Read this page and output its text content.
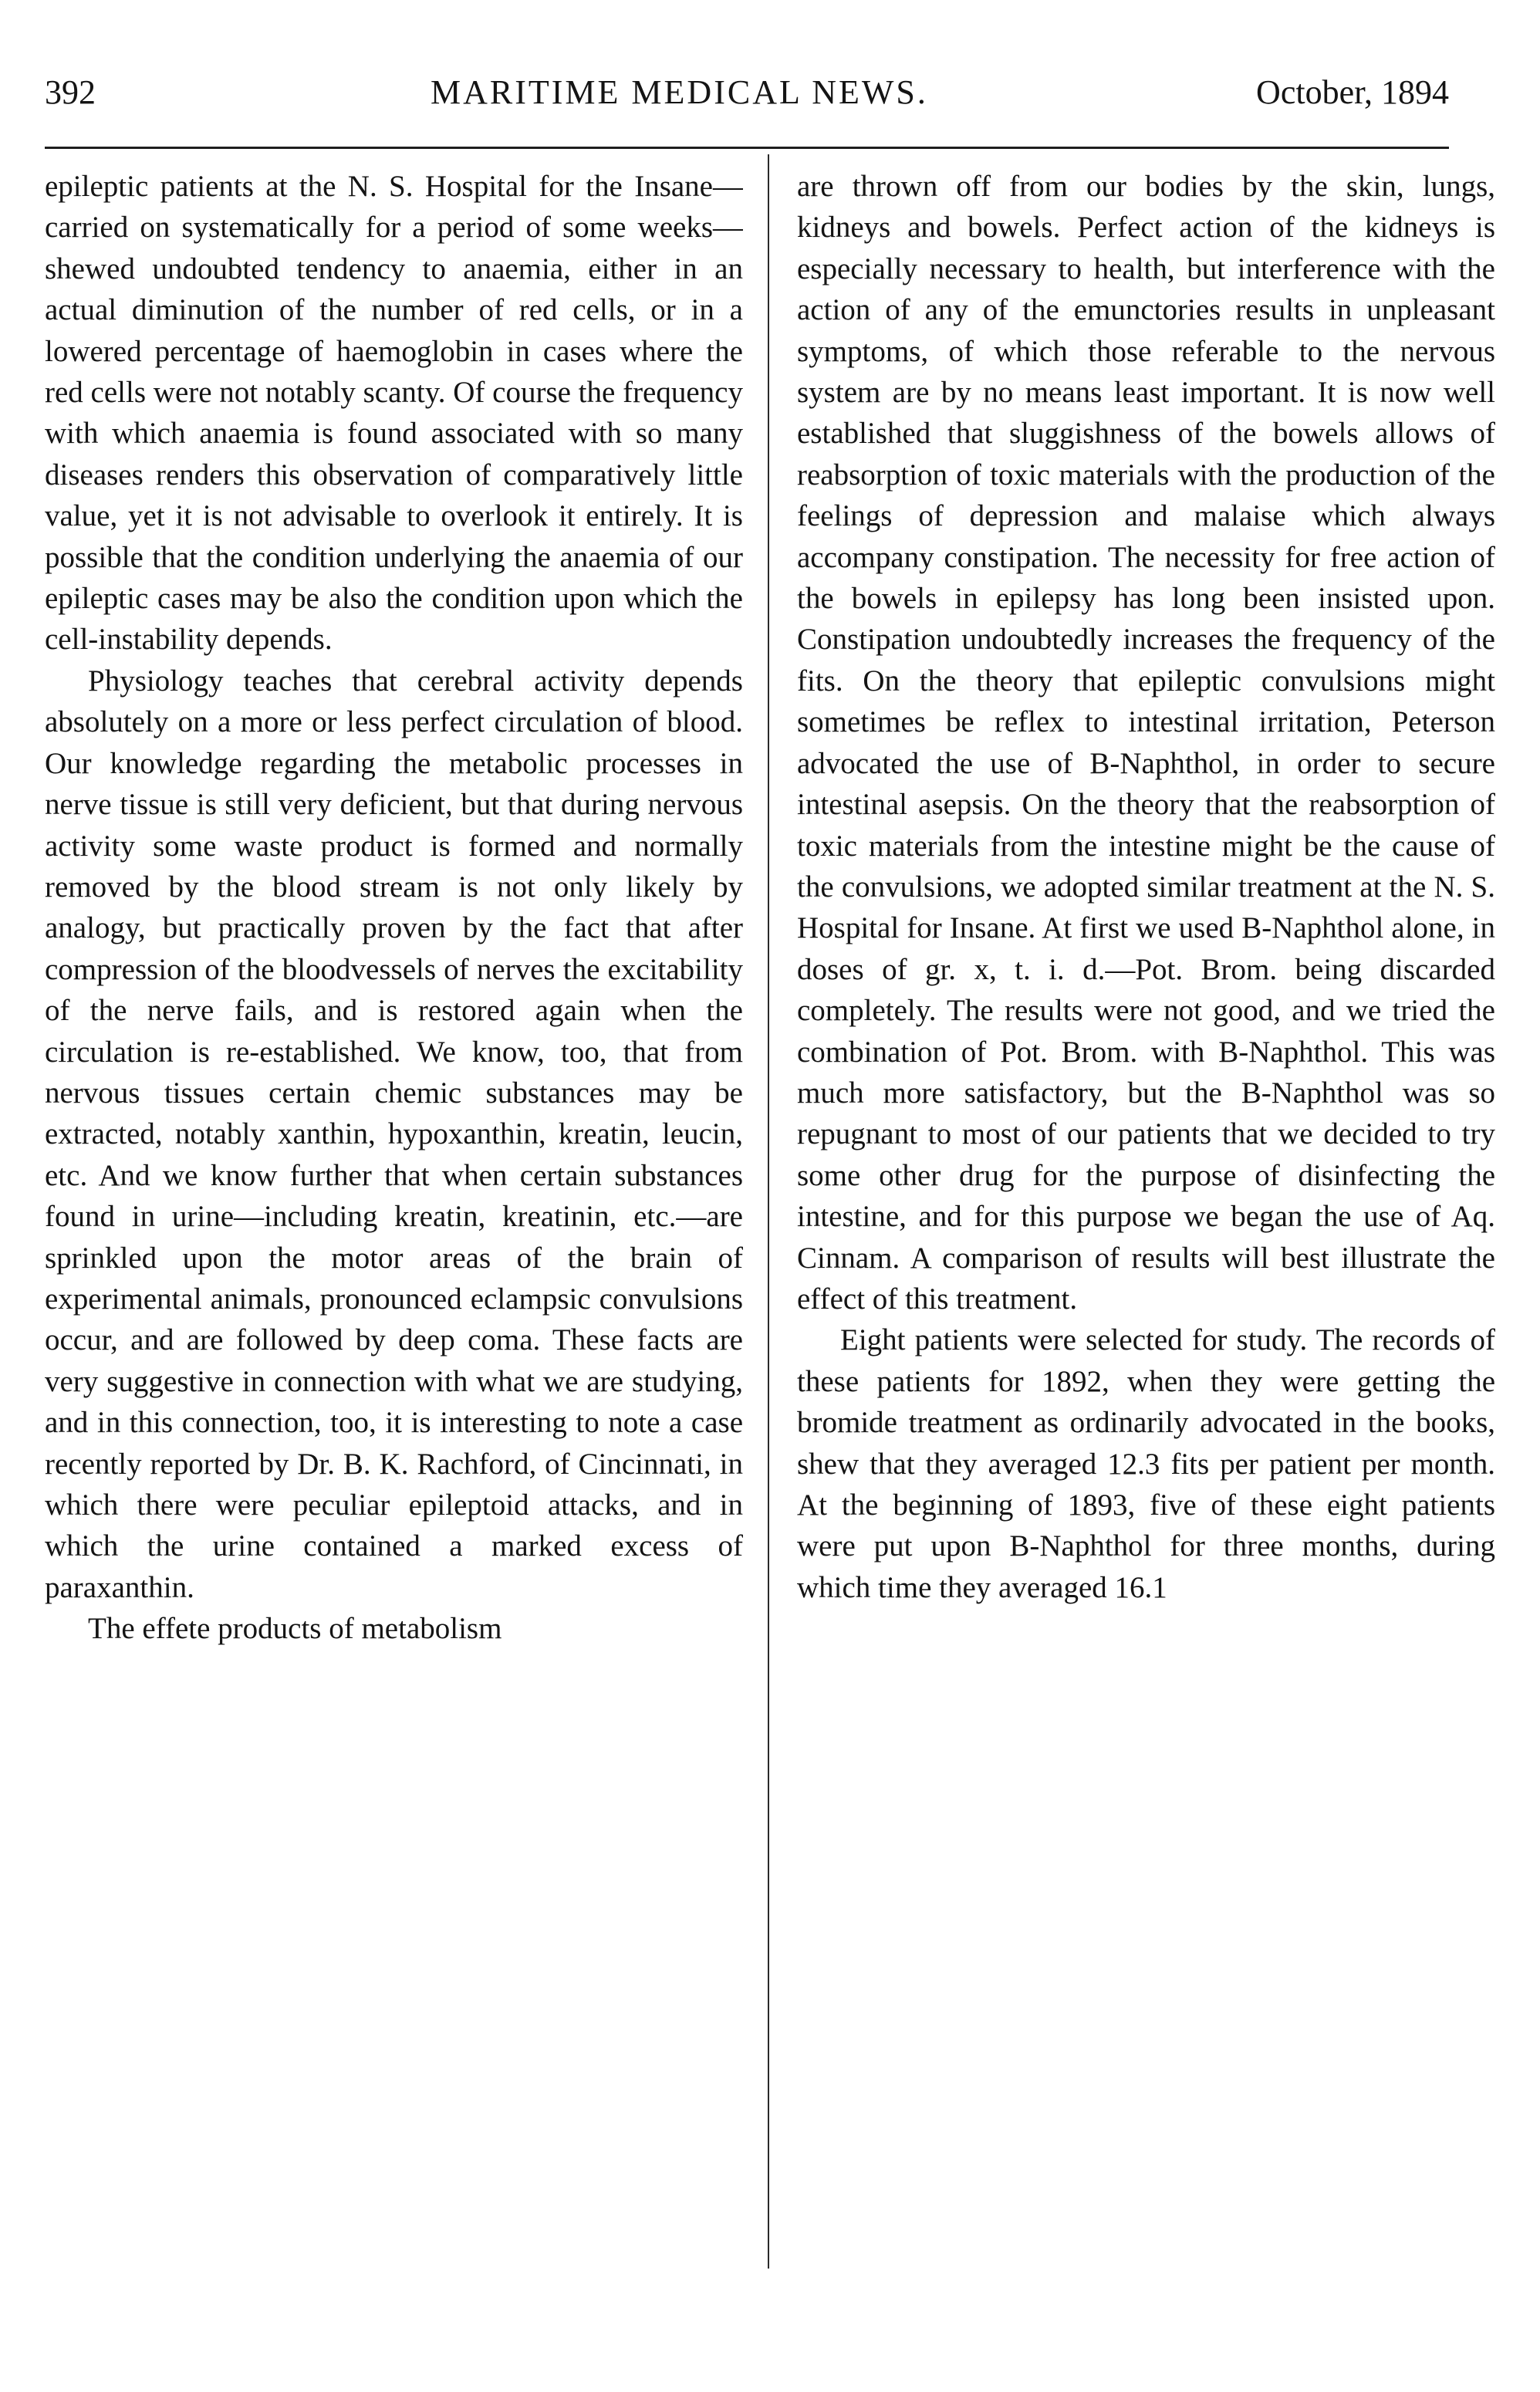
392	MARITIME MEDICAL NEWS.	October, 1894

epileptic patients at the N. S. Hospital for the Insane—carried on systematically for a period of some weeks—shewed undoubted tendency to anaemia, either in an actual diminution of the number of red cells, or in a lowered percentage of haemoglobin in cases where the red cells were not notably scanty. Of course the frequency with which anaemia is found associated with so many diseases renders this observation of comparatively little value, yet it is not advisable to overlook it entirely. It is possible that the condition underlying the anaemia of our epileptic cases may be also the condition upon which the cell-instability depends.

Physiology teaches that cerebral activity depends absolutely on a more or less perfect circulation of blood. Our knowledge regarding the metabolic processes in nerve tissue is still very deficient, but that during nervous activity some waste product is formed and normally removed by the blood stream is not only likely by analogy, but practically proven by the fact that after compression of the bloodvessels of nerves the excitability of the nerve fails, and is restored again when the circulation is re-established. We know, too, that from nervous tissues certain chemic substances may be extracted, notably xanthin, hypoxanthin, kreatin, leucin, etc. And we know further that when certain substances found in urine—including kreatin, kreatinin, etc.—are sprinkled upon the motor areas of the brain of experimental animals, pronounced eclampsic convulsions occur, and are followed by deep coma. These facts are very suggestive in connection with what we are studying, and in this connection, too, it is interesting to note a case recently reported by Dr. B. K. Rachford, of Cincinnati, in which there were peculiar epileptoid attacks, and in which the urine contained a marked excess of paraxanthin.

The effete products of metabolism

are thrown off from our bodies by the skin, lungs, kidneys and bowels. Perfect action of the kidneys is especially necessary to health, but interference with the action of any of the emunctories results in unpleasant symptoms, of which those referable to the nervous system are by no means least important. It is now well established that sluggishness of the bowels allows of reabsorption of toxic materials with the production of the feelings of depression and malaise which always accompany constipation. The necessity for free action of the bowels in epilepsy has long been insisted upon. Constipation undoubtedly increases the frequency of the fits. On the theory that epileptic convulsions might sometimes be reflex to intestinal irritation, Peterson advocated the use of B-Naphthol, in order to secure intestinal asepsis. On the theory that the reabsorption of toxic materials from the intestine might be the cause of the convulsions, we adopted similar treatment at the N. S. Hospital for Insane. At first we used B-Naphthol alone, in doses of gr. x, t. i. d.—Pot. Brom. being discarded completely. The results were not good, and we tried the combination of Pot. Brom. with B-Naphthol. This was much more satisfactory, but the B-Naphthol was so repugnant to most of our patients that we decided to try some other drug for the purpose of disinfecting the intestine, and for this purpose we began the use of Aq. Cinnam. A comparison of results will best illustrate the effect of this treatment.

Eight patients were selected for study. The records of these patients for 1892, when they were getting the bromide treatment as ordinarily advocated in the books, shew that they averaged 12.3 fits per patient per month. At the beginning of 1893, five of these eight patients were put upon B-Naphthol for three months, during which time they averaged 16.1
